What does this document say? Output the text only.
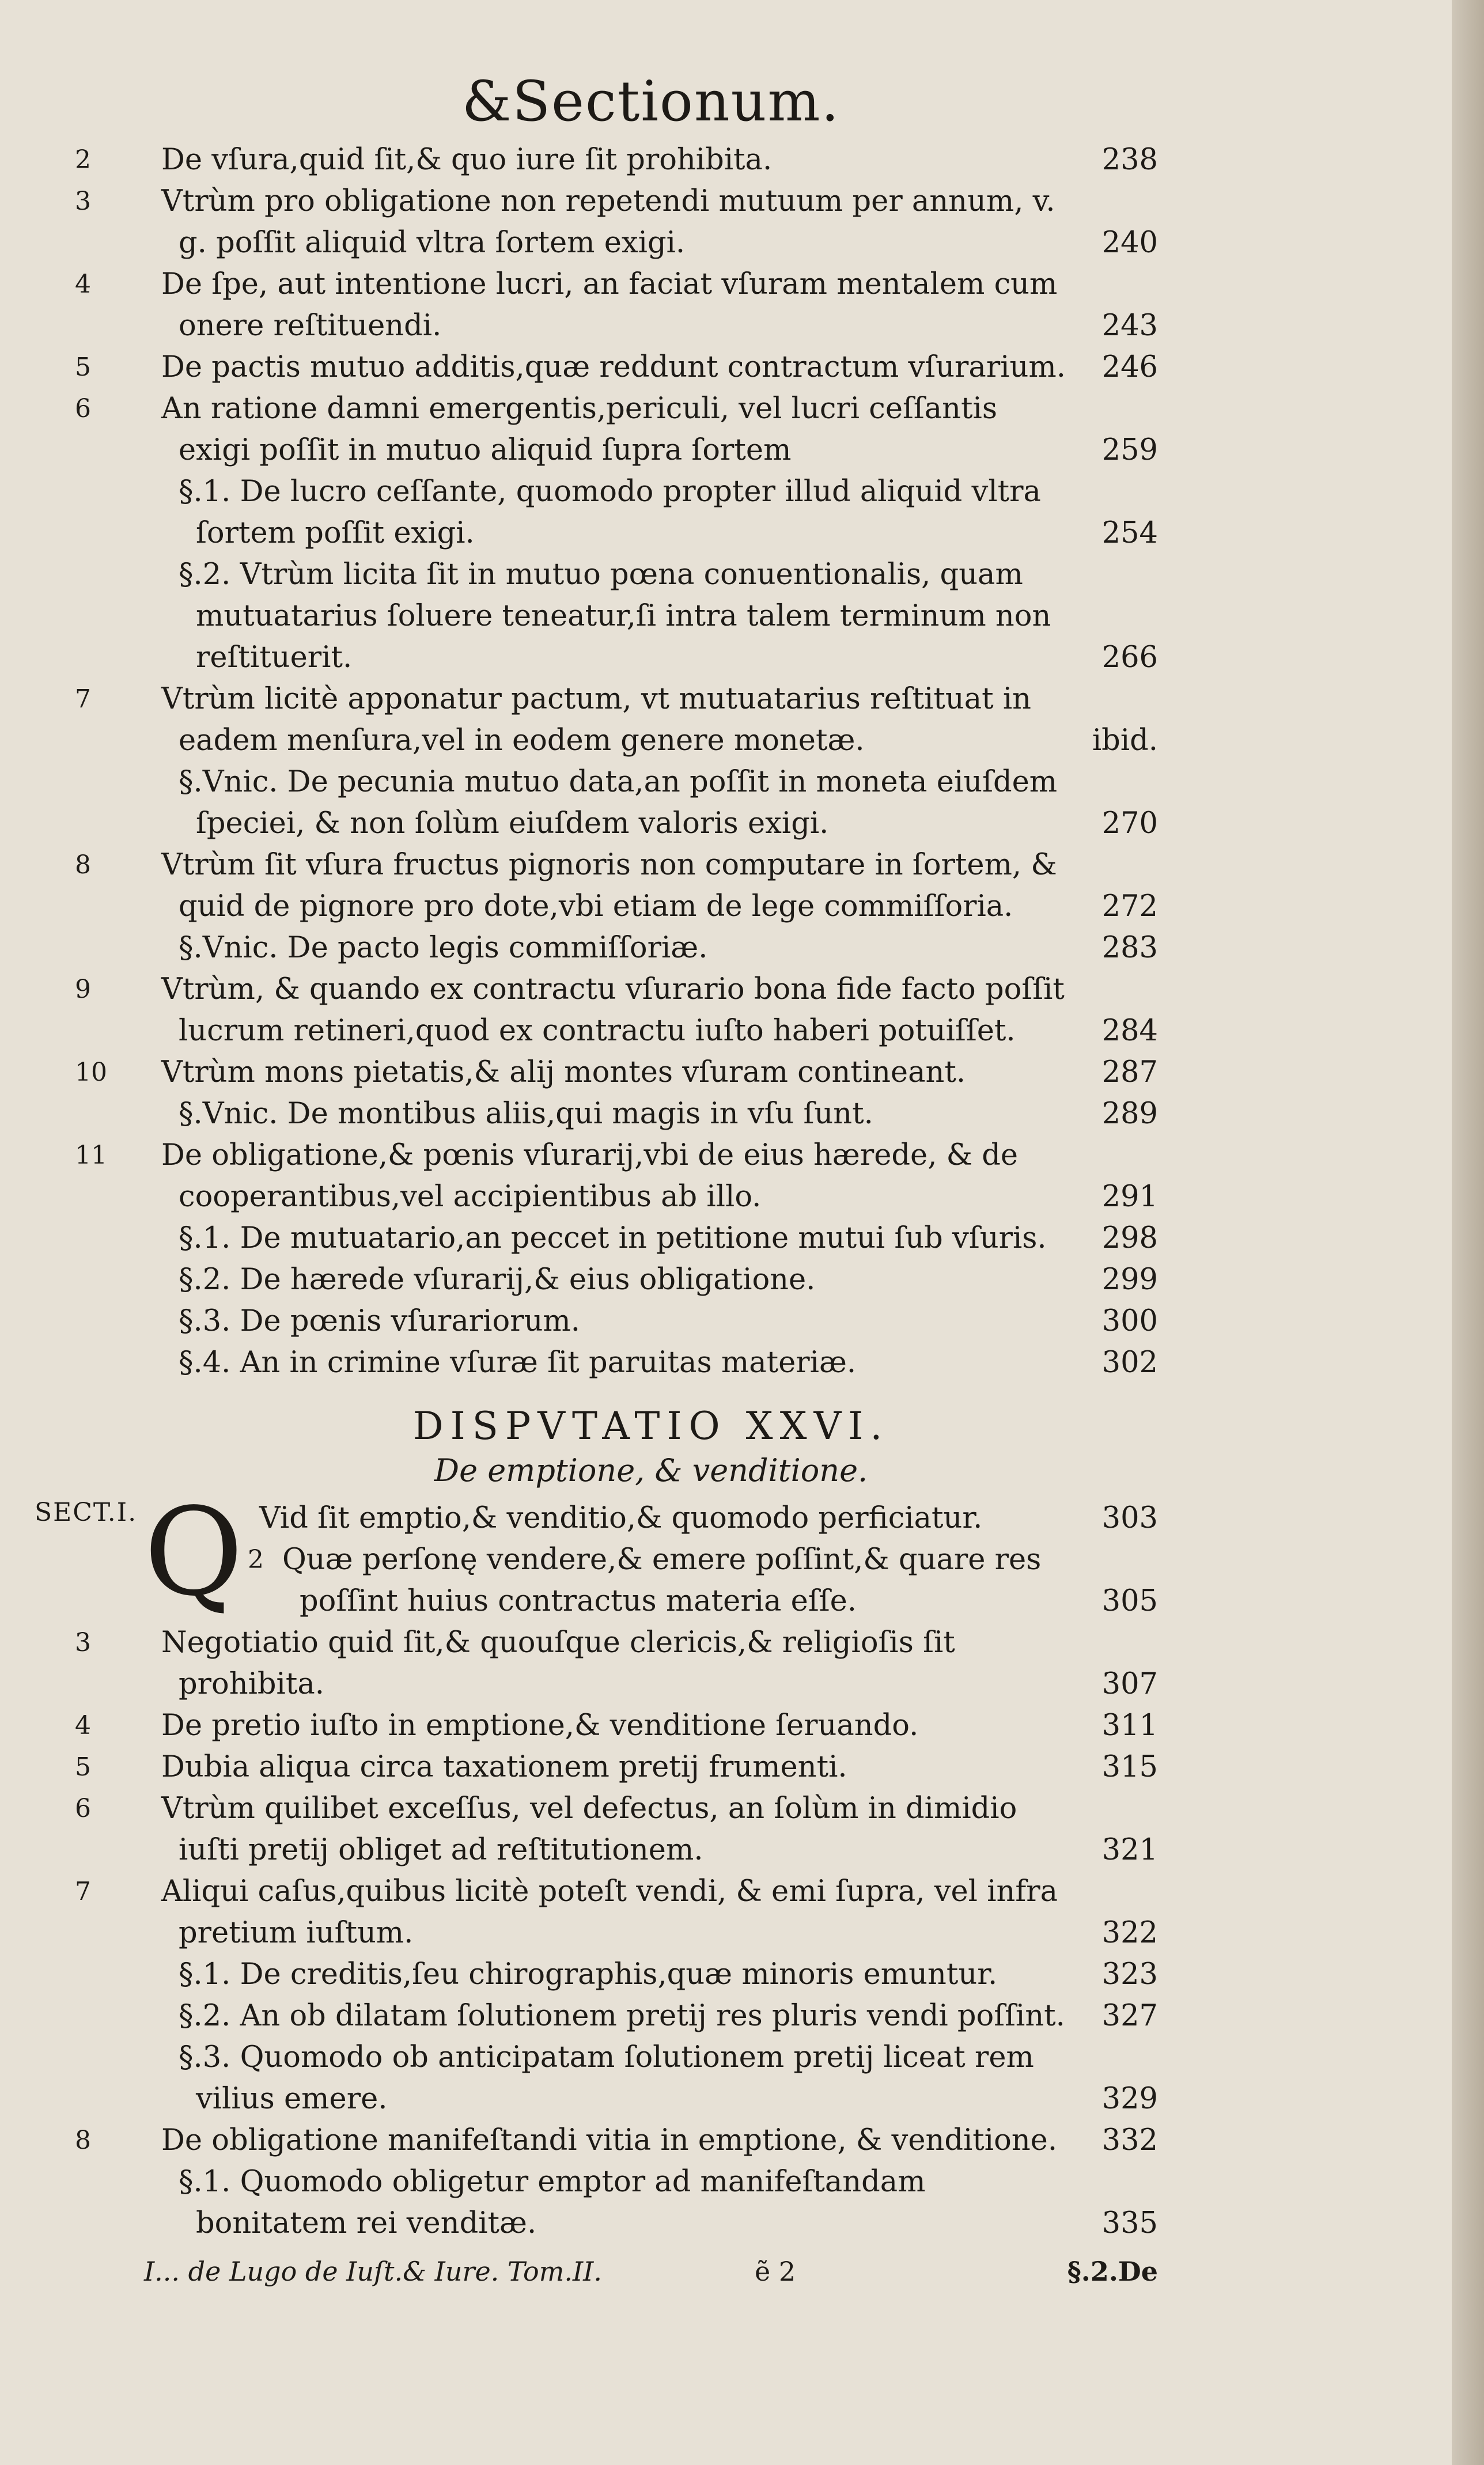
&Sectionum.
2	De vſura,quid ſit,& quo iure ſit prohibita.	238
3	Vtrùm pro obligatione non repetendi mutuum per annum, v. g. poſſit aliquid vltra ſortem exigi.	240
4	De ſpe, aut intentione lucri, an faciat vſuram mentalem cum onere reſtituendi.	243
5	De pactis mutuo additis,quæ reddunt contractum vſurarium. 246
6	An ratione damni emergentis,periculi, vel lucri ceſſantis exigi poſſit in mutuo aliquid ſupra ſortem	259
§.1. De lucro ceſſante, quomodo propter illud aliquid vltra ſortem poſſit exigi.	254
§.2. Vtrùm licita ſit in mutuo pœna conuentionalis, quam mutuatarius ſoluere teneatur,ſi intra talem terminum non reſtituerit.	266
7	Vtrùm licitè apponatur pactum, vt mutuatarius reſtituat in eadem menſura,vel in eodem genere monetæ.	ibid.
§.Vnic. De pecunia mutuo data,an poſſit in moneta eiuſdem ſpeciei, & non ſolùm eiuſdem valoris exigi.	270
8	Vtrùm ſit vſura fructus pignoris non computare in ſortem, & quid de pignore pro dote,vbi etiam de lege commiſſoria.	272
§.Vnic. De pacto legis commiſſoriæ.	283
9	Vtrùm, & quando ex contractu vſurario bona fide facto poſſit lucrum retineri,quod ex contractu iuſto haberi potuiſſet.	284
10 Vtrùm mons pietatis,& alij montes vſuram contineant.	287
§.Vnic. De montibus aliis,qui magis in vſu ſunt.	289
11 De obligatione,& pœnis vſurarij,vbi de eius hærede, & de cooperantibus,vel accipientibus ab illo.	291
§.1. De mutuatario,an peccet in petitione mutui ſub vſuris. 298
§.2. De hærede vſurarij,& eius obligatione.	299
§.3. De pœnis vſurariorum.	300
§.4. An in crimine vſuræ ſit paruitas materiæ.	302
DISPVTATIO XXVI.
De emptione, & venditione.
SECT.I. Q Vid ſit emptio,& venditio,& quomodo perficiatur.	303
2 Quæ perſonę vendere,& emere poſſint,& quare res poſſint huius contractus materia eſſe.	305
3	Negotiatio quid ſit,& quouſque clericis,& religioſis ſit prohibita.	307
4	De pretio iuſto in emptione,& venditione ſeruando.	311
5	Dubia aliqua circa taxationem pretij frumenti.	315
6	Vtrùm quilibet exceſſus, vel defectus, an ſolùm in dimidio iuſti pretij obliget ad reſtitutionem.	321
7	Aliqui caſus,quibus licitè poteſt vendi, & emi ſupra, vel infra pretium iuſtum.	322
§.1. De creditis,ſeu chirographis,quæ minoris emuntur.	323
§.2. An ob dilatam ſolutionem pretij res pluris vendi poſſint. 327
§.3. Quomodo ob anticipatam ſolutionem pretij liceat rem vilius emere.	329
8	De obligatione manifeſtandi vitia in emptione, & venditione. 332
§.1. Quomodo obligetur emptor ad manifeſtandam bonitatem rei venditæ.	335
I... de Lugo de Iuſt.& Iure. Tom.II.	ẽ 2	§.2.De
